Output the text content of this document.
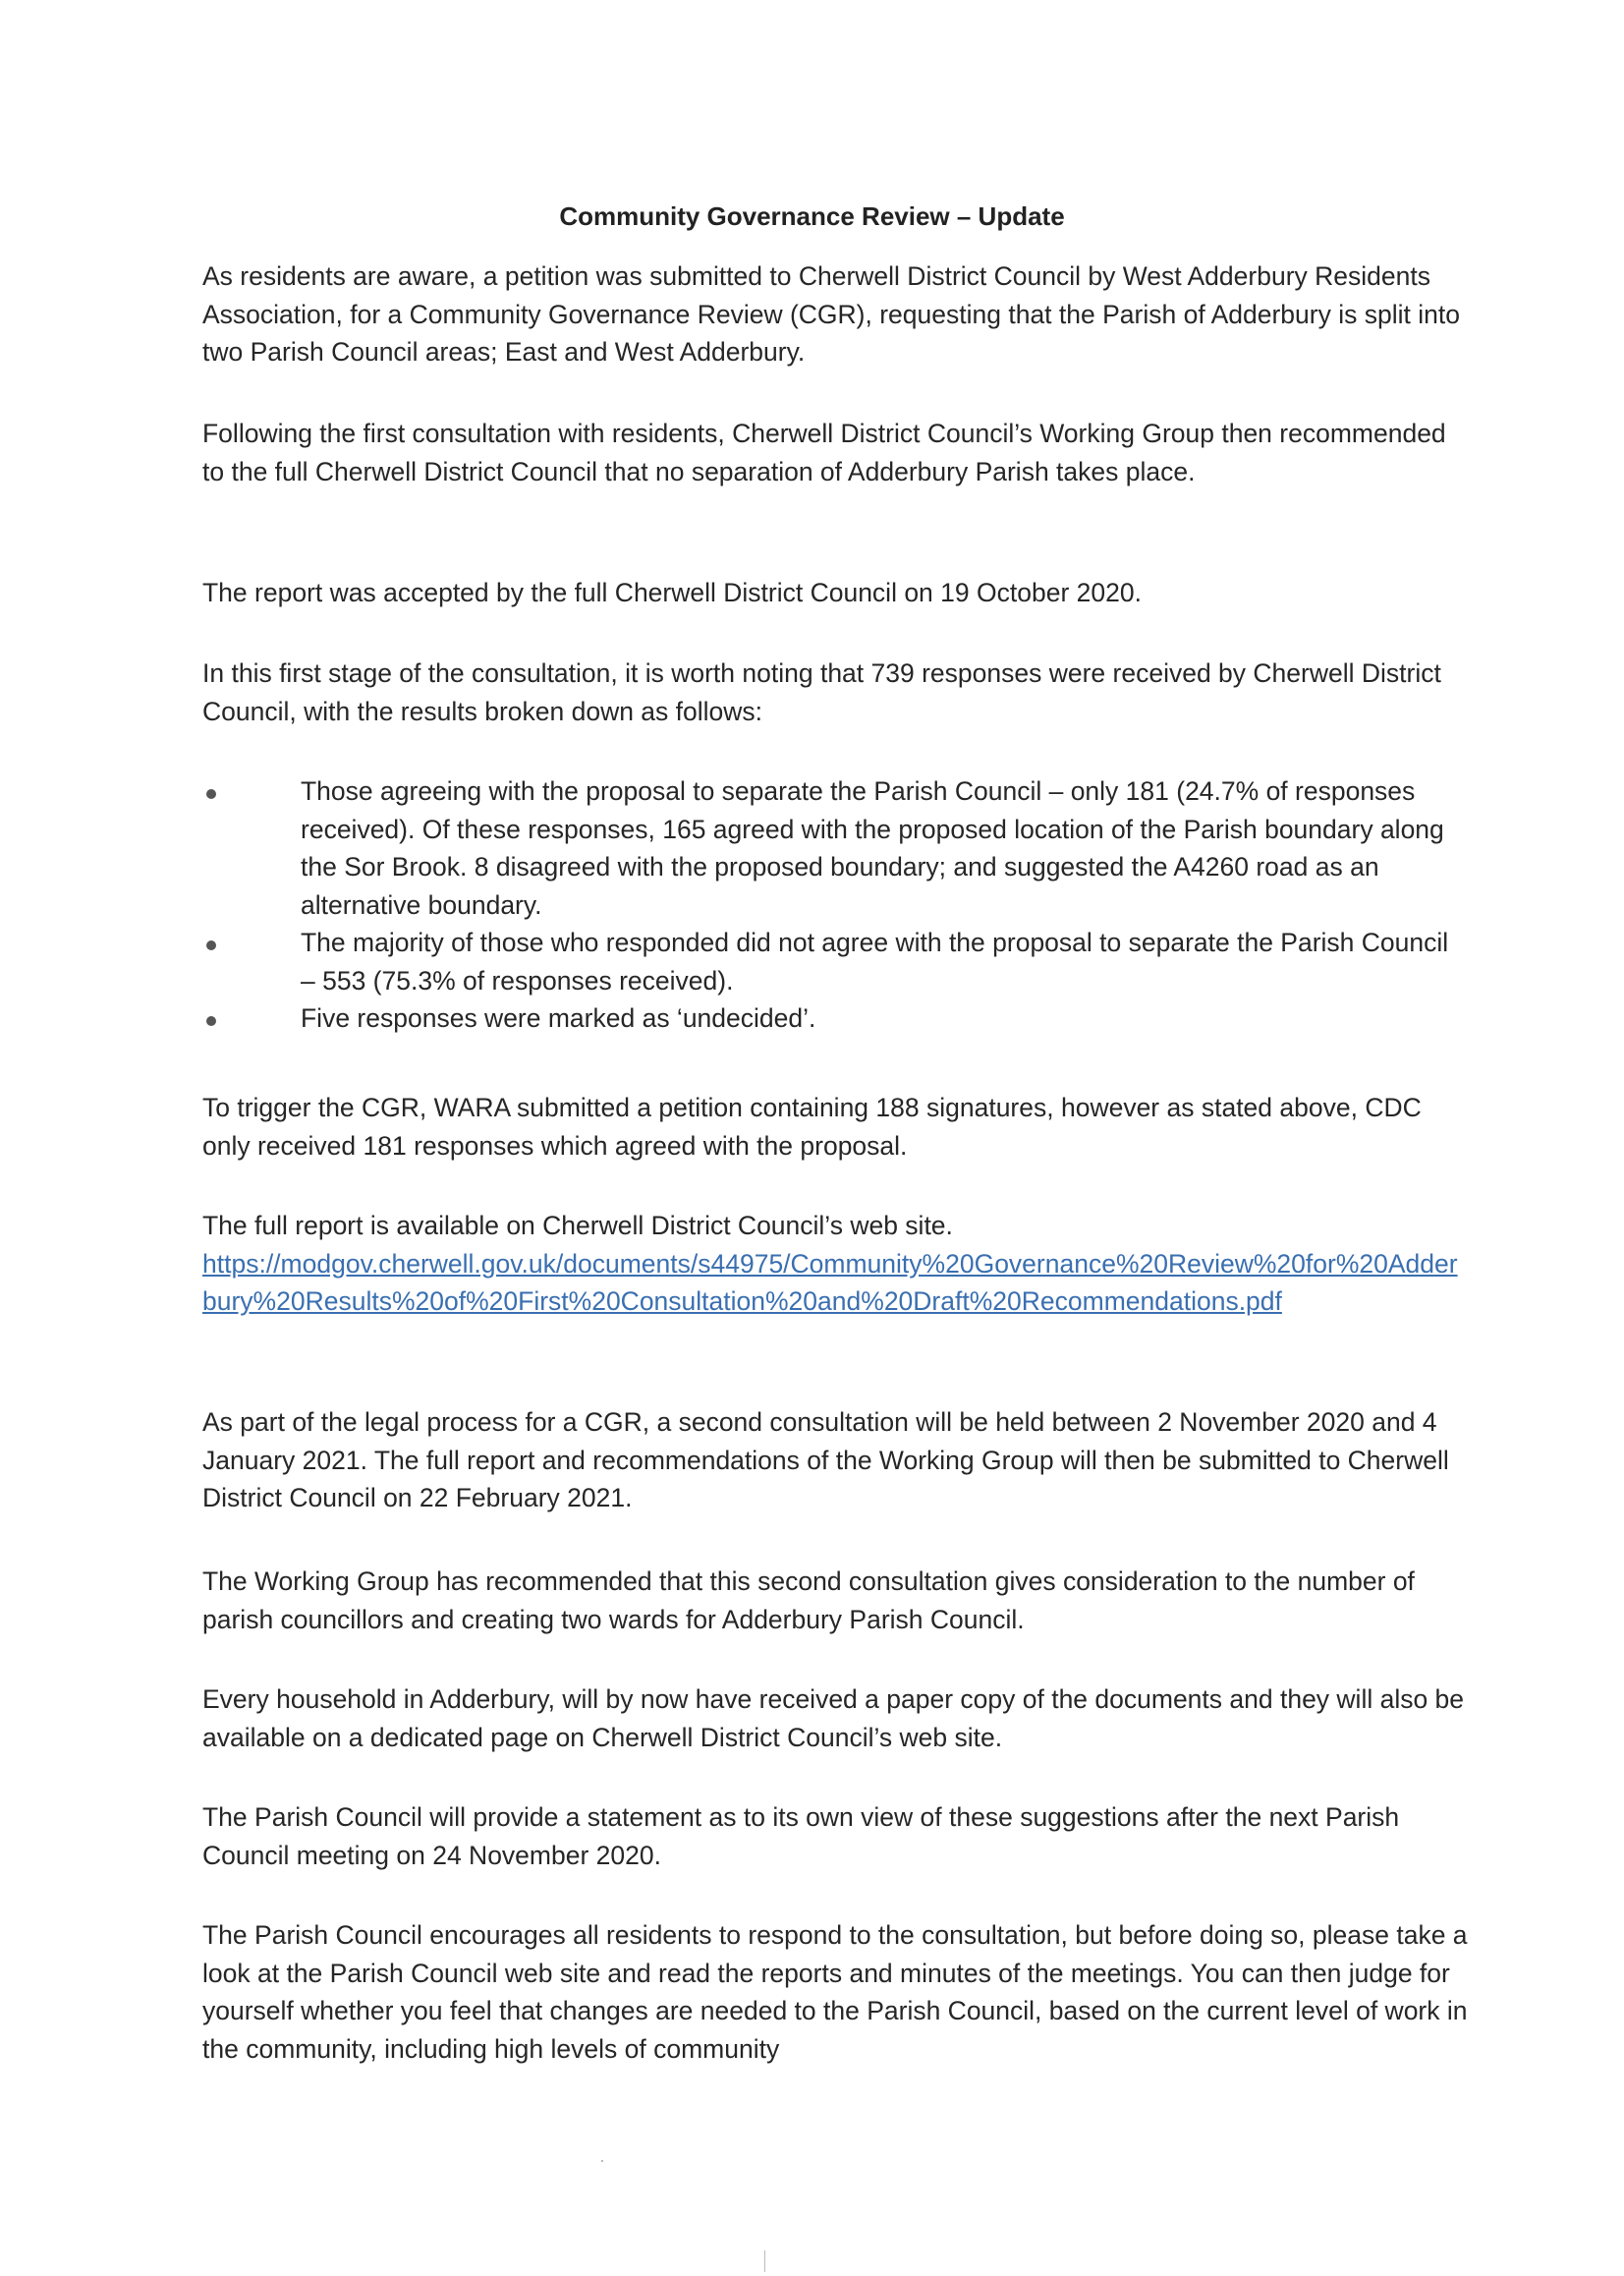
Community Governance Review – Update

As residents are aware, a petition was submitted to Cherwell District Council by West Adderbury Residents Association, for a Community Governance Review (CGR), requesting that the Parish of Adderbury is split into two Parish Council areas; East and West Adderbury.

Following the first consultation with residents, Cherwell District Council’s Working Group then recommended to the full Cherwell District Council that no separation of Adderbury Parish takes place.

The report was accepted by the full Cherwell District Council on 19 October 2020.

In this first stage of the consultation, it is worth noting that 739 responses were received by Cherwell District Council, with the results broken down as follows:

Those agreeing with the proposal to separate the Parish Council – only 181 (24.7% of responses received). Of these responses, 165 agreed with the proposed location of the Parish boundary along the Sor Brook. 8 disagreed with the proposed boundary; and suggested the A4260 road as an alternative boundary.
The majority of those who responded did not agree with the proposal to separate the Parish Council – 553 (75.3% of responses received).
Five responses were marked as ‘undecided’.

To trigger the CGR, WARA submitted a petition containing 188 signatures, however as stated above, CDC only received 181 responses which agreed with the proposal.

The full report is available on Cherwell District Council’s web site.
https://modgov.cherwell.gov.uk/documents/s44975/Community%20Governance%20Review%20for%20Adderbury%20Results%20of%20First%20Consultation%20and%20Draft%20Recommendations.pdf

As part of the legal process for a CGR, a second consultation will be held between 2 November 2020 and 4 January 2021. The full report and recommendations of the Working Group will then be submitted to Cherwell District Council on 22 February 2021.

The Working Group has recommended that this second consultation gives consideration to the number of parish councillors and creating two wards for Adderbury Parish Council.

Every household in Adderbury, will by now have received a paper copy of the documents and they will also be available on a dedicated page on Cherwell District Council’s web site.

The Parish Council will provide a statement as to its own view of these suggestions after the next Parish Council meeting on 24 November 2020.

The Parish Council encourages all residents to respond to the consultation, but before doing so, please take a look at the Parish Council web site and read the reports and minutes of the meetings. You can then judge for yourself whether you feel that changes are needed to the Parish Council, based on the current level of work in the community, including high levels of community
